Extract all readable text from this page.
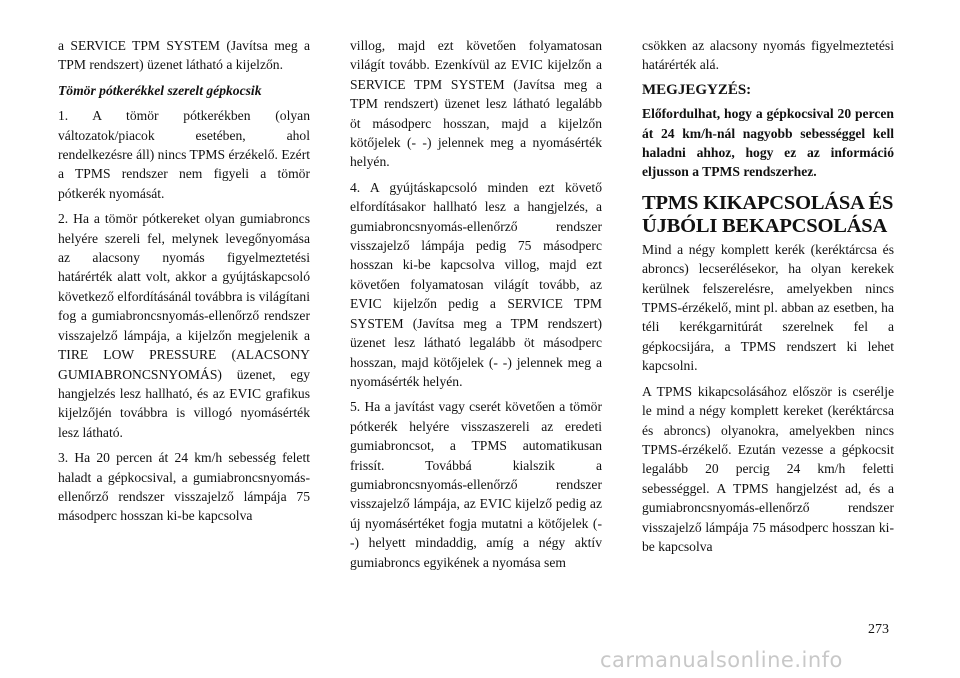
a SERVICE TPM SYSTEM (Javítsa meg a TPM rendszert) üzenet látható a kijelzőn.

Tömör pótkerékkel szerelt gépkocsik

1. A tömör pótkerékben (olyan változatok/piacok esetében, ahol rendelkezésre áll) nincs TPMS érzékelő. Ezért a TPMS rendszer nem figyeli a tömör pótkerék nyomását.

2. Ha a tömör pótkereket olyan gumiabroncs helyére szereli fel, melynek levegőnyomása az alacsony nyomás figyelmeztetési határérték alatt volt, akkor a gyújtáskapcsoló következő elfordításánál továbbra is világítani fog a gumiabroncsnyomás-ellenőrző rendszer visszajelző lámpája, a kijelzőn megjelenik a TIRE LOW PRESSURE (ALACSONY GUMIABRONCSNYOMÁS) üzenet, egy hangjelzés lesz hallható, és az EVIC grafikus kijelzőjén továbbra is villogó nyomásérték lesz látható.

3. Ha 20 percen át 24 km/h sebesség felett haladt a gépkocsival, a gumiabroncsnyomás-ellenőrző rendszer visszajelző lámpája 75 másodperc hosszan ki-be kapcsolva

villog, majd ezt követően folyamatosan világít tovább. Ezenkívül az EVIC kijelzőn a SERVICE TPM SYSTEM (Javítsa meg a TPM rendszert) üzenet lesz látható legalább öt másodperc hosszan, majd a kijelzőn kötőjelek (- -) jelennek meg a nyomásérték helyén.

4. A gyújtáskapcsoló minden ezt követő elfordításakor hallható lesz a hangjelzés, a gumiabroncsnyomás-ellenőrző rendszer visszajelző lámpája pedig 75 másodperc hosszan ki-be kapcsolva villog, majd ezt követően folyamatosan világít tovább, az EVIC kijelzőn pedig a SERVICE TPM SYSTEM (Javítsa meg a TPM rendszert) üzenet lesz látható legalább öt másodperc hosszan, majd kötőjelek (- -) jelennek meg a nyomásérték helyén.

5. Ha a javítást vagy cserét követően a tömör pótkerék helyére visszaszereli az eredeti gumiabroncsot, a TPMS automatikusan frissít. Továbbá kialszik a gumiabroncsnyomás-ellenőrző rendszer visszajelző lámpája, az EVIC kijelző pedig az új nyomásértéket fogja mutatni a kötőjelek (- -) helyett mindaddig, amíg a négy aktív gumiabroncs egyikének a nyomása sem

csökken az alacsony nyomás figyelmeztetési határérték alá.

MEGJEGYZÉS:

Előfordulhat, hogy a gépkocsival 20 percen át 24 km/h-nál nagyobb sebességgel kell haladni ahhoz, hogy ez az információ eljusson a TPMS rendszerhez.

TPMS KIKAPCSOLÁSA ÉS ÚJBÓLI BEKAPCSOLÁSA

Mind a négy komplett kerék (keréktárcsa és abroncs) lecserélésekor, ha olyan kerekek kerülnek felszerelésre, amelyekben nincs TPMS-érzékelő, mint pl. abban az esetben, ha téli kerékgarnitúrát szerelnek fel a gépkocsijára, a TPMS rendszert ki lehet kapcsolni.

A TPMS kikapcsolásához először is cserélje le mind a négy komplett kereket (keréktárcsa és abroncs) olyanokra, amelyekben nincs TPMS-érzékelő. Ezután vezesse a gépkocsit legalább 20 percig 24 km/h feletti sebességgel. A TPMS hangjelzést ad, és a gumiabroncsnyomás-ellenőrző rendszer visszajelző lámpája 75 másodperc hosszan ki-be kapcsolva

273
carmanualsonline.info
